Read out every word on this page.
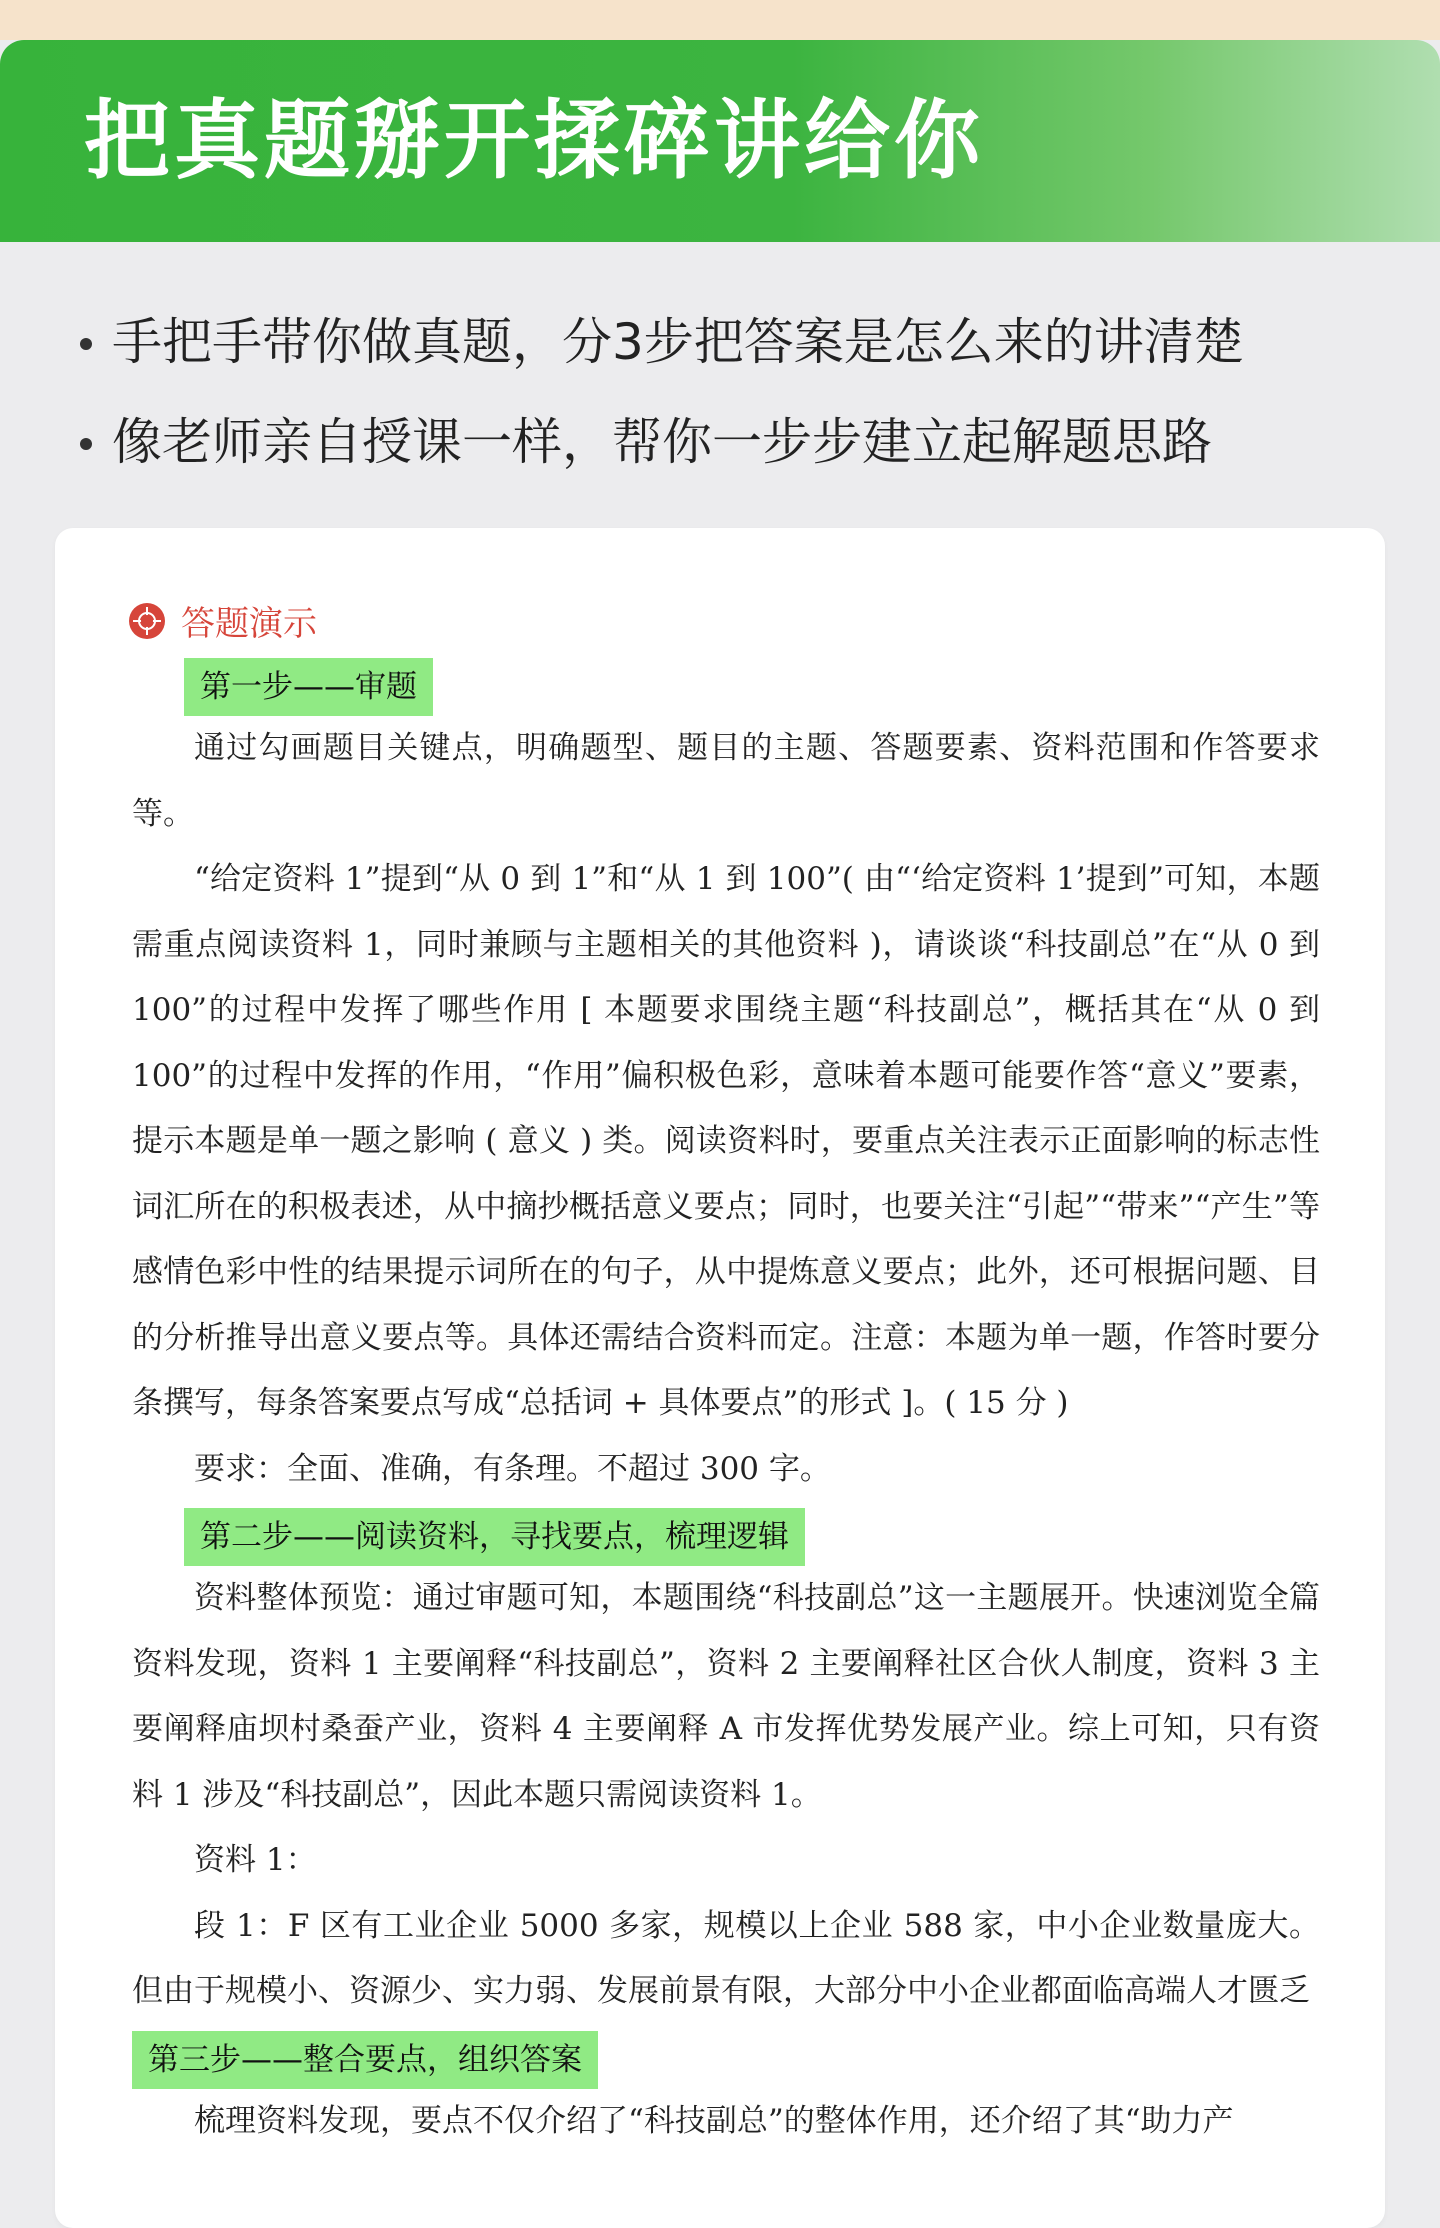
把真题掰开揉碎讲给你
手把手带你做真题，分3步把答案是怎么来的讲清楚
像老师亲自授课一样，帮你一步步建立起解题思路
答题演示
第一步——审题

通过勾画题目关键点，明确题型、题目的主题、答题要素、资料范围和作答要求等。

“给定资料 1”提到“从 0 到 1”和“从 1 到 100”( 由“‘给定资料 1’提到”可知，本题需重点阅读资料 1，同时兼顾与主题相关的其他资料 )，请谈谈“科技副总”在“从 0 到 100”的过程中发挥了哪些作用 [ 本题要求围绕主题“科技副总”，概括其在“从 0 到 100”的过程中发挥的作用，“作用”偏积极色彩，意味着本题可能要作答“意义”要素，提示本题是单一题之影响 ( 意义 ) 类。阅读资料时，要重点关注表示正面影响的标志性词汇所在的积极表述，从中摘抄概括意义要点；同时，也要关注“引起”“带来”“产生”等感情色彩中性的结果提示词所在的句子，从中提炼意义要点；此外，还可根据问题、目的分析推导出意义要点等。具体还需结合资料而定。注意：本题为单一题，作答时要分条撰写，每条答案要点写成“总括词 + 具体要点”的形式 ]。( 15 分 )

要求：全面、准确，有条理。不超过 300 字。

第二步——阅读资料，寻找要点，梳理逻辑

资料整体预览：通过审题可知，本题围绕“科技副总”这一主题展开。快速浏览全篇资料发现，资料 1 主要阐释“科技副总”，资料 2 主要阐释社区合伙人制度，资料 3 主要阐释庙坝村桑蚕产业，资料 4 主要阐释 A 市发挥优势发展产业。综上可知，只有资料 1 涉及“科技副总”，因此本题只需阅读资料 1。

资料 1：

段 1：F 区有工业企业 5000 多家，规模以上企业 588 家，中小企业数量庞大。但由于规模小、资源少、实力弱、发展前景有限，大部分中小企业都面临高端人才匮乏

第三步——整合要点，组织答案

梳理资料发现，要点不仅介绍了“科技副总”的整体作用，还介绍了其“助力产
